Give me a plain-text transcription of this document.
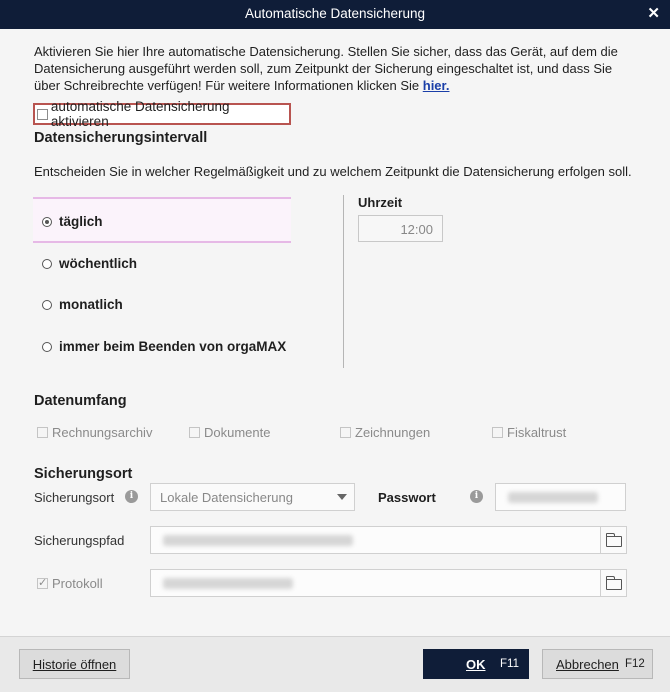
Automatische Datensicherung	✕
Aktivieren Sie hier Ihre automatische Datensicherung. Stellen Sie sicher, dass das Gerät, auf dem die Datensicherung ausgeführt werden soll, zum Zeitpunkt der Sicherung eingeschaltet ist, und dass Sie über Schreibrechte verfügen! Für weitere Informationen klicken Sie hier.
automatische Datensicherung aktivieren
Datensicherungsintervall
Entscheiden Sie in welcher Regelmäßigkeit und zu welchem Zeitpunkt die Datensicherung erfolgen soll.
täglich
wöchentlich
monatlich
immer beim Beenden von orgaMAX
Uhrzeit
12:00
Datenumfang
Rechnungsarchiv	Dokumente	Zeichnungen	Fiskaltrust
Sicherungsort
Sicherungsort	i	Lokale Datensicherung	Passwort	i
Sicherungspfad
✓
Protokoll
Historie öffnen	OK F11	Abbrechen F12
